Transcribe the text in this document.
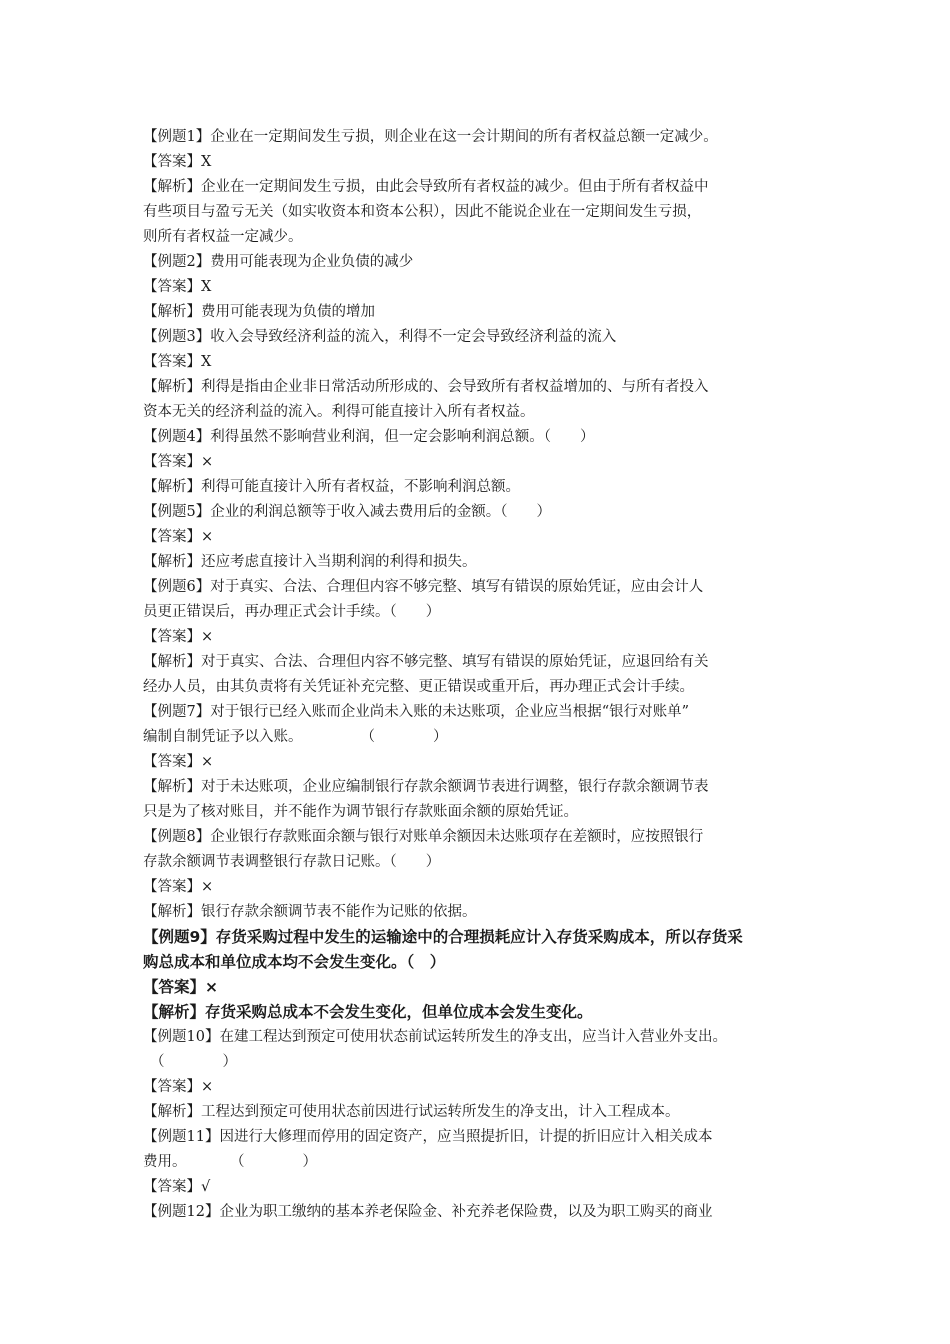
【例题1】企业在一定期间发生亏损，则企业在这一会计期间的所有者权益总额一定减少。
【答案】X
【解析】企业在一定期间发生亏损，由此会导致所有者权益的减少。但由于所有者权益中
有些项目与盈亏无关（如实收资本和资本公积），因此不能说企业在一定期间发生亏损，
则所有者权益一定减少。
【例题2】费用可能表现为企业负债的减少
【答案】X
【解析】费用可能表现为负债的增加
【例题3】收入会导致经济利益的流入，利得不一定会导致经济利益的流入
【答案】X
【解析】利得是指由企业非日常活动所形成的、会导致所有者权益增加的、与所有者投入
资本无关的经济利益的流入。利得可能直接计入所有者权益。
【例题4】利得虽然不影响营业利润，但一定会影响利润总额。（　　）
【答案】×
【解析】利得可能直接计入所有者权益，不影响利润总额。
【例题5】企业的利润总额等于收入减去费用后的金额。（　　）
【答案】×
【解析】还应考虑直接计入当期利润的利得和损失。
【例题6】对于真实、合法、合理但内容不够完整、填写有错误的原始凭证，应由会计人
员更正错误后，再办理正式会计手续。（　　）
【答案】×
【解析】对于真实、合法、合理但内容不够完整、填写有错误的原始凭证，应退回给有关
经办人员，由其负责将有关凭证补充完整、更正错误或重开后，再办理正式会计手续。
【例题7】对于银行已经入账而企业尚未入账的未达账项，企业应当根据“银行对账单”
编制自制凭证予以入账。　　　　　（　　　　）
【答案】×
【解析】对于未达账项，企业应编制银行存款余额调节表进行调整，银行存款余额调节表
只是为了核对账目，并不能作为调节银行存款账面余额的原始凭证。
【例题8】企业银行存款账面余额与银行对账单余额因未达账项存在差额时，应按照银行
存款余额调节表调整银行存款日记账。（　　）
【答案】×
【解析】银行存款余额调节表不能作为记账的依据。
【例题9】存货采购过程中发生的运输途中的合理损耗应计入存货采购成本，所以存货采
购总成本和单位成本均不会发生变化。（　）
【答案】×
【解析】存货采购总成本不会发生变化，但单位成本会发生变化。
【例题10】在建工程达到预定可使用状态前试运转所发生的净支出，应当计入营业外支出。
（　　　　）
【答案】×
【解析】工程达到预定可使用状态前因进行试运转所发生的净支出，计入工程成本。
【例题11】因进行大修理而停用的固定资产，应当照提折旧，计提的折旧应计入相关成本
费用。　　　　（　　　　）
【答案】√
【例题12】企业为职工缴纳的基本养老保险金、补充养老保险费，以及为职工购买的商业
